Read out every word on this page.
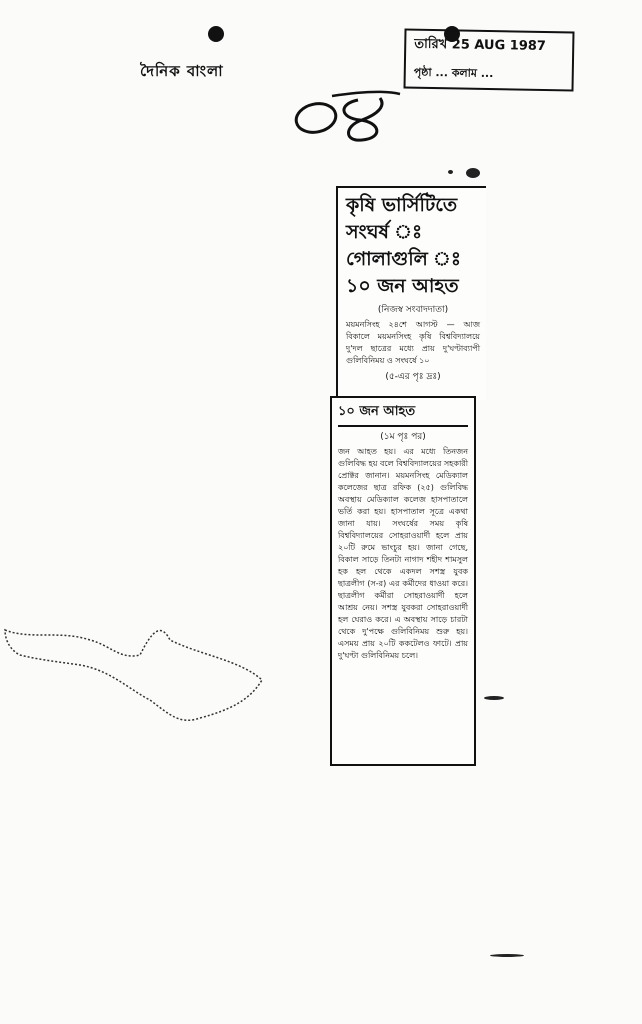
দৈনিক বাংলা
তারিখ 25 AUG 1987
পৃষ্ঠা ... কলাম ...
কৃষি ভার্সিটিতে
সংঘর্ষ ঃ
গোলাগুলি ঃ
১০ জন আহত
(নিজস্ব সংবাদদাতা)
ময়মনসিংহ ২৪শে আগস্ট — আজ বিকালে ময়মনসিংহ কৃষি বিশ্ববিদ্যালয়ে দু'দল ছাত্রের মধ্যে প্রায় দু'ঘণ্টাব্যাপী গুলিবিনিময় ও সংঘর্ষে ১০
(৫-এর পৃঃ দ্রঃ)
১০ জন আহত
(১ম পৃঃ পর)
জন আহত হয়। এর মধ্যে তিনজন গুলিবিদ্ধ হয় বলে বিশ্ববিদ্যালয়ের সহকারী প্রোক্টর জানান। ময়মনসিংহ মেডিক্যাল কলেজের ছাত্র রফিক (২৫) গুলিবিদ্ধ অবস্থায় মেডিক্যাল কলেজ হাসপাতালে ভর্তি করা হয়। হাসপাতাল সূত্রে একথা জানা যায়। সংঘর্ষের সময় কৃষি বিশ্ববিদ্যালয়ের সোহরাওয়ার্দী হলে প্রায় ২০টি রুমে ভাংচুর হয়। জানা গেছে, বিকাল সাড়ে তিনটা নাগাদ শহীদ শামসুল হক হল থেকে একদল সশস্ত্র যুবক ছাত্রলীগ (স-র) এর কর্মীদের ধাওয়া করে। ছাত্রলীগ কর্মীরা সোহরাওয়ার্দী হলে আশ্রয় নেয়। সশস্ত্র যুবকরা সোহরাওয়ার্দী হল ঘেরাও করে। এ অবস্থায় সাড়ে চারটা থেকে দু'পক্ষে গুলিবিনিময় শুরু হয়। এসময় প্রায় ২০টি ককটেলও ফাটে। প্রায় দু'ঘণ্টা গুলিবিনিময় চলে।
